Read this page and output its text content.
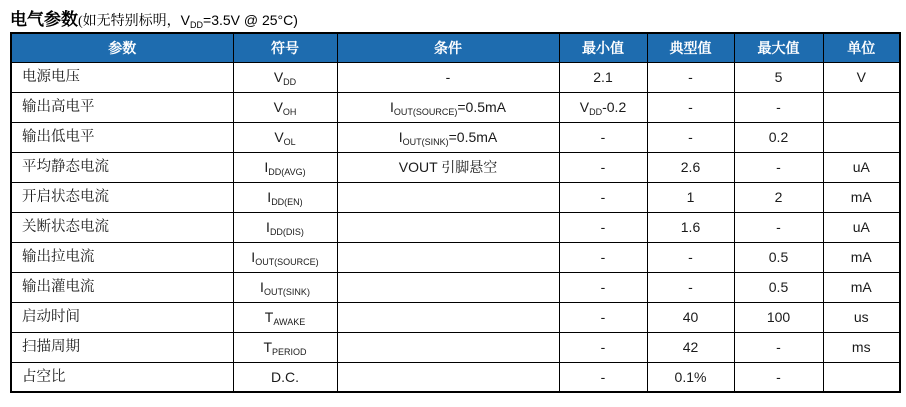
电气参数(如无特别标明，$V_{DD}=3.5V$ @ 25°C)
参数	符号	条件	最小值	典型值	最大值	单位
电源电压	$V_{DD}$	-	2.1	-	5	V
输出高电平	$V_{OH}$	$I_{OUT(SOURCE)}=0.5mA$	$V_{DD}-0.2$	-	-	
输出低电平	$V_{OL}$	$I_{OUT(SINK)}=0.5mA$	-	-	0.2	
平均静态电流	$I_{DD(AVG)}$	VOUT 引脚悬空	-	2.6	-	uA
开启状态电流	$I_{DD(EN)}$		-	1	2	mA
关断状态电流	$I_{DD(DIS)}$		-	1.6	-	uA
输出拉电流	$I_{OUT(SOURCE)}$		-	-	0.5	mA
输出灌电流	$I_{OUT(SINK)}$		-	-	0.5	mA
启动时间	$T_{AWAKE}$		-	40	100	us
扫描周期	$T_{PERIOD}$		-	42	-	ms
占空比	D.C.		-	0.1%	-	
